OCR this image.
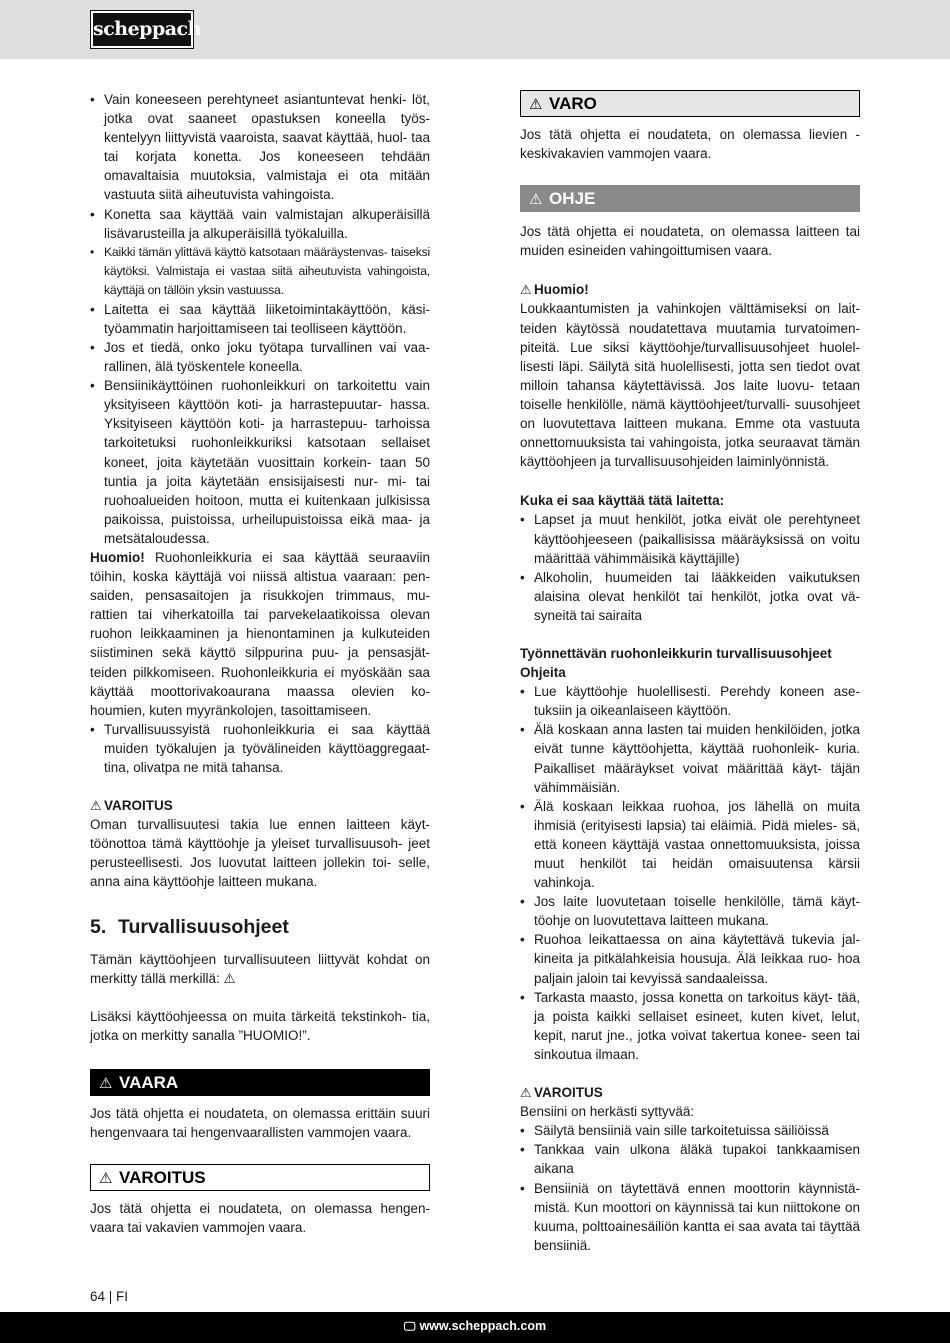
scheppach
• Vain koneeseen perehtyneet asiantuntevat henki- löt, jotka ovat saaneet opastuksen koneella työs- kentelyyn liittyvistä vaaroista, saavat käyttää, huol- taa tai korjata konetta. Jos koneeseen tehdään omavaltaisia muutoksia, valmistaja ei ota mitään vastuuta siitä aiheutuvista vahingoista.
• Konetta saa käyttää vain valmistajan alkuperäisillä lisävarusteilla ja alkuperäisillä työkaluilla.
• Kaikki tämän ylittävä käyttö katsotaan määräystenvas- taiseksi käytöksi. Valmistaja ei vastaa siitä aiheutuvista vahingoista, käyttäjä on tällöin yksin vastuussa.
• Laitetta ei saa käyttää liiketoimintakäyttöön, käsi- työammatin harjoittamiseen tai teolliseen käyttöön.
• Jos et tiedä, onko joku työtapa turvallinen vai vaa- rallinen, älä työskentele koneella.
• Bensiinikäyttöinen ruohonleikkuri on tarkoitettu vain yksityiseen käyttöön koti- ja harrastepuutar- hassa. Yksityiseen käyttöön koti- ja harrastepuu- tarhoissa tarkoitetuksi ruohonleikkuriksi katsotaan sellaiset koneet, joita käytetään vuosittain korkein- taan 50 tuntia ja joita käytetään ensisijaisesti nur- mi- tai ruohoalueiden hoitoon, mutta ei kuitenkaan julkisissa paikoissa, puistoissa, urheilupuistoissa eikä maa- ja metsätaloudessa.

Huomio! Ruohonleikkuria ei saa käyttää seuraaviin töihin, koska käyttäjä voi niissä altistua vaaraan: pen- saiden, pensasaitojen ja risukkojen trimmaus, mu- rattien tai viherkatoilla tai parvekelaatikoissa olevan ruohon leikkaaminen ja hienontaminen ja kulkuteiden siistiminen sekä käyttö silppurina puu- ja pensasjät- teiden pilkkomiseen. Ruohonleikkuria ei myöskään saa käyttää moottorivakoaurana maassa olevien ko- houmien, kuten myyränkolojen, tasoittamiseen.

• Turvallisuussyistä ruohonleikkuria ei saa käyttää muiden työkalujen ja työvälineiden käyttöaggregaat- tina, olivatpa ne mitä tahansa.
⚠ VAROITUS

Oman turvallisuutesi takia lue ennen laitteen käyt- töönottoa tämä käyttöohje ja yleiset turvallisuusoh- jeet perusteellisesti. Jos luovutat laitteen jollekin toi- selle, anna aina käyttöohje laitteen mukana.

5. Turvallisuusohjeet

Tämän käyttöohjeen turvallisuuteen liittyvät kohdat on merkitty tällä merkillä: ⚠

Lisäksi käyttöohjeessa on muita tärkeitä tekstinkoh- tia, jotka on merkitty sanalla ”HUOMIO!”.

⚠ VAARA

Jos tätä ohjetta ei noudateta, on olemassa erittäin suuri hengenvaara tai hengenvaarallisten vammojen vaara.

⚠ VAROITUS

Jos tätä ohjetta ei noudateta, on olemassa hengen- vaara tai vakavien vammojen vaara.

⚠ VARO

Jos tätä ohjetta ei noudateta, on olemassa lievien - keskivakavien vammojen vaara.

⚠ OHJE

Jos tätä ohjetta ei noudateta, on olemassa laitteen tai muiden esineiden vahingoittumisen vaara.

⚠ Huomio!

Loukkaantumisten ja vahinkojen välttämiseksi on lait- teiden käytössä noudatettava muutamia turvatoimen- piteitä. Lue siksi käyttöohje/turvallisuusohjeet huolel- lisesti läpi. Säilytä sitä huolellisesti, jotta sen tiedot ovat milloin tahansa käytettävissä. Jos laite luovu- tetaan toiselle henkilölle, nämä käyttöohjeet/turvalli- suusohjeet on luovutettava laitteen mukana. Emme ota vastuuta onnettomuuksista tai vahingoista, jotka seuraavat tämän käyttöohjeen ja turvallisuusohjeiden laiminlyönnistä.

Kuka ei saa käyttää tätä laitetta:
• Lapset ja muut henkilöt, jotka eivät ole perehtyneet käyttöohjeeseen (paikallisissa määräyksissä on voitu määrittää vähimmäisikä käyttäjille)
• Alkoholin, huumeiden tai lääkkeiden vaikutuksen alaisina olevat henkilöt tai henkilöt, jotka ovat vä- syneitä tai sairaita
Työnnettävän ruohonleikkurin turvallisuusohjeet
Ohjeita
• Lue käyttöohje huolellisesti. Perehdy koneen ase- tuksiin ja oikeanlaiseen käyttöön.
• Älä koskaan anna lasten tai muiden henkilöiden, jotka eivät tunne käyttöohjetta, käyttää ruohonleik- kuria. Paikalliset määräykset voivat määrittää käyt- täjän vähimmäisiän.
• Älä koskaan leikkaa ruohoa, jos lähellä on muita ihmisiä (erityisesti lapsia) tai eläimiä. Pidä mieles- sä, että koneen käyttäjä vastaa onnettomuuksista, joissa muut henkilöt tai heidän omaisuutensa kärsii vahinkoja.
• Jos laite luovutetaan toiselle henkilölle, tämä käyt- töohje on luovutettava laitteen mukana.
• Ruohoa leikattaessa on aina käytettävä tukevia jal- kineita ja pitkälahkeisia housuja. Älä leikkaa ruo- hoa paljain jaloin tai kevyissä sandaaleissa.
• Tarkasta maasto, jossa konetta on tarkoitus käyt- tää, ja poista kaikki sellaiset esineet, kuten kivet, lelut, kepit, narut jne., jotka voivat takertua konee- seen tai sinkoutua ilmaan.
⚠ VAROITUS

Bensiini on herkästi syttyvää:

• Säilytä bensiiniä vain sille tarkoitetuissa säiliöissä
• Tankkaa vain ulkona äläkä tupakoi tankkaamisen aikana
• Bensiiniä on täytettävä ennen moottorin käynnistä- mistä. Kun moottori on käynnissä tai kun niittokone on kuuma, polttoainesäiliön kantta ei saa avata tai täyttää bensiiniä.
64 | FI
🖵 www.scheppach.com
